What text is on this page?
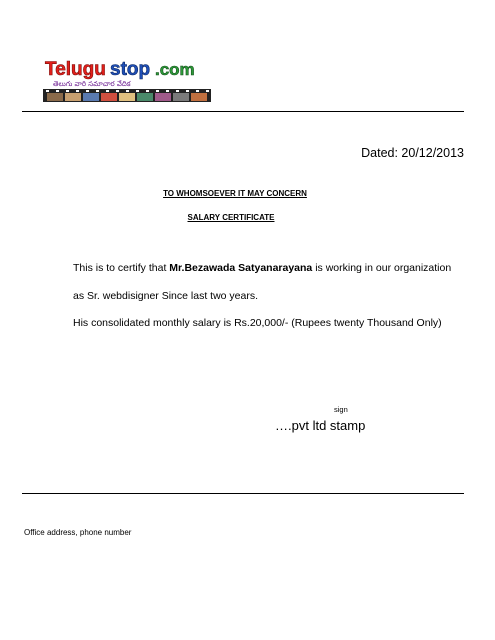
Telugu stop .com
తెలుగు వారి సమాచార వేదిక
Dated: 20/12/2013
TO WHOMSOEVER IT MAY CONCERN
SALARY CERTIFICATE
This is to certify that Mr.Bezawada Satyanarayana is working in our organization
as Sr. webdisigner Since last two years.
His consolidated monthly salary is Rs.20,000/- (Rupees twenty Thousand Only)
sign
….pvt ltd stamp
Office address, phone number
